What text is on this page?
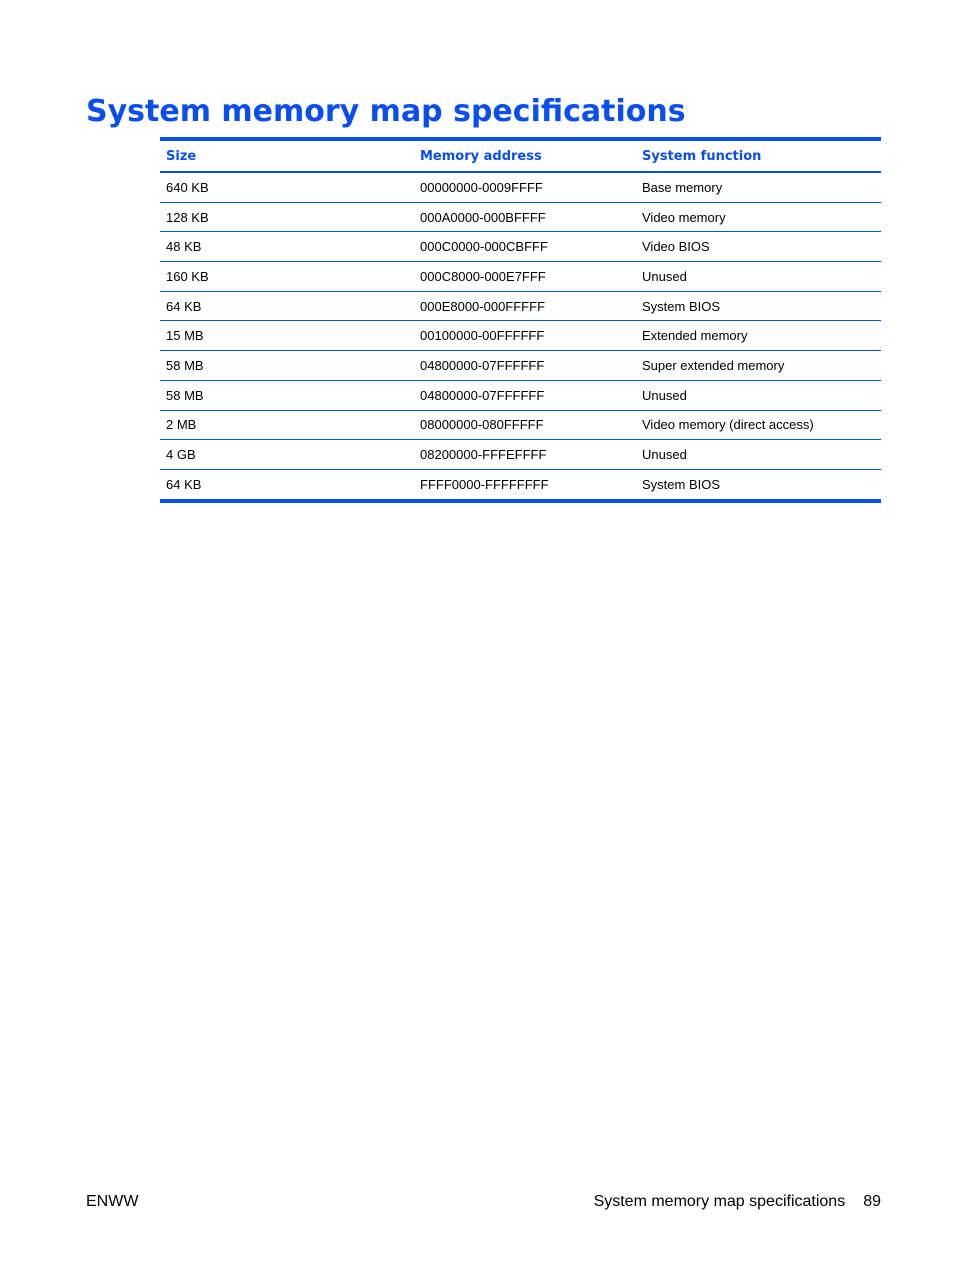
System memory map specifications
Size	Memory address	System function
640 KB	00000000-0009FFFF	Base memory
128 KB	000A0000-000BFFFF	Video memory
48 KB	000C0000-000CBFFF	Video BIOS
160 KB	000C8000-000E7FFF	Unused
64 KB	000E8000-000FFFFF	System BIOS
15 MB	00100000-00FFFFFF	Extended memory
58 MB	04800000-07FFFFFF	Super extended memory
58 MB	04800000-07FFFFFF	Unused
2 MB	08000000-080FFFFF	Video memory (direct access)
4 GB	08200000-FFFEFFFF	Unused
64 KB	FFFF0000-FFFFFFFF	System BIOS
ENWW	System memory map specifications 89
